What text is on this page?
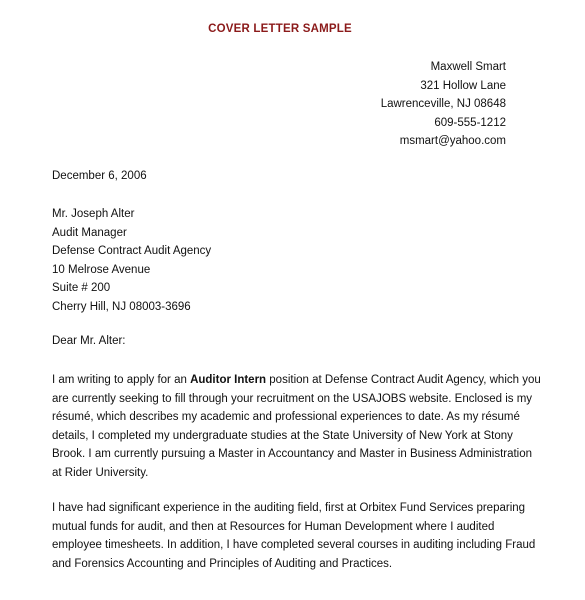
COVER LETTER SAMPLE
Maxwell Smart
321 Hollow Lane
Lawrenceville, NJ 08648
609-555-1212
msmart@yahoo.com
December 6, 2006
Mr. Joseph Alter
Audit Manager
Defense Contract Audit Agency
10 Melrose Avenue
Suite # 200
Cherry Hill, NJ 08003-3696
Dear Mr. Alter:
I am writing to apply for an Auditor Intern position at Defense Contract Audit Agency, which you
are currently seeking to fill through your recruitment on the USAJOBS website. Enclosed is my
résumé, which describes my academic and professional experiences to date. As my résumé
details, I completed my undergraduate studies at the State University of New York at Stony
Brook. I am currently pursuing a Master in Accountancy and Master in Business Administration
at Rider University.
I have had significant experience in the auditing field, first at Orbitex Fund Services preparing
mutual funds for audit, and then at Resources for Human Development where I audited
employee timesheets. In addition, I have completed several courses in auditing including Fraud
and Forensics Accounting and Principles of Auditing and Practices.
